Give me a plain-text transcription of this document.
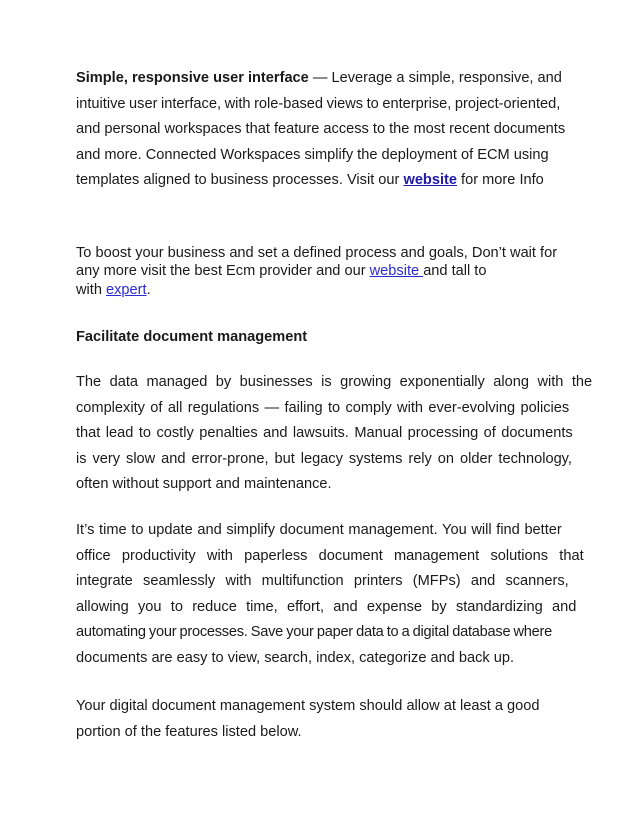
Simple, responsive user interface — Leverage a simple, responsive, and
intuitive user interface, with role-based views to enterprise, project-oriented,
and personal workspaces that feature access to the most recent documents
and more. Connected Workspaces simplify the deployment of ECM using
templates aligned to business processes. Visit our website for more Info
To boost your business and set a defined process and goals, Don’t wait for
any more visit the best Ecm provider and our website and tall to
with expert.
Facilitate document management
The data managed by businesses is growing exponentially along with the
complexity of all regulations — failing to comply with ever-evolving policies
that lead to costly penalties and lawsuits. Manual processing of documents
is very slow and error-prone, but legacy systems rely on older technology,
often without support and maintenance.
It’s time to update and simplify document management. You will find better
office productivity with paperless document management solutions that
integrate seamlessly with multifunction printers (MFPs) and scanners,
allowing you to reduce time, effort, and expense by standardizing and
automating your processes. Save your paper data to a digital database where
documents are easy to view, search, index, categorize and back up.
Your digital document management system should allow at least a good
portion of the features listed below.
